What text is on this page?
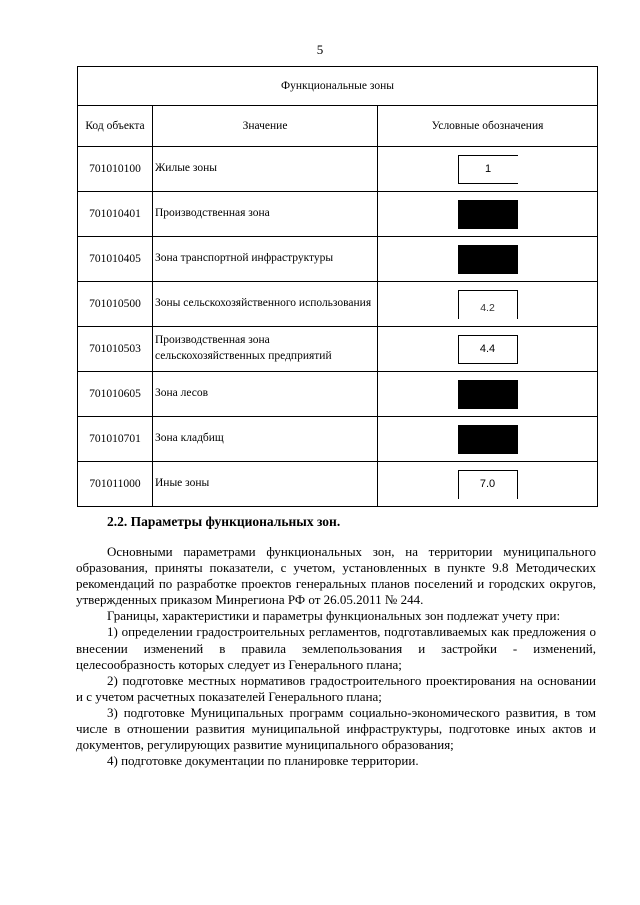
5
Функциональные зоны		
Код объекта	Значение	Условные обозначения
701010100	Жилые зоны	1
701010401	Производственная зона	
701010405	Зона транспортной инфраструктуры	
701010500	Зоны сельскохозяйственного использования	4.2
701010503	Производственная зона сельскохозяйственных предприятий	4.4
701010605	Зона лесов	
701010701	Зона кладбищ	
701011000	Иные зоны	7.0
2.2. Параметры функциональных зон.

Основными параметрами функциональных зон, на территории муниципального образования, приняты показатели, с учетом, установленных в пункте 9.8 Методических рекомендаций по разработке проектов генеральных планов поселений и городских округов, утвержденных приказом Минрегиона РФ от 26.05.2011 № 244.

Границы, характеристики и параметры функциональных зон подлежат учету при:

1) определении градостроительных регламентов, подготавливаемых как предложения о внесении изменений в правила землепользования и застройки - изменений, целесообразность которых следует из Генерального плана;

2) подготовке местных нормативов градостроительного проектирования на основании и с учетом расчетных показателей Генерального плана;

3) подготовке Муниципальных программ социально-экономического развития, в том числе в отношении развития муниципальной инфраструктуры, подготовке иных актов и документов, регулирующих развитие муниципального образования;

4) подготовке документации по планировке территории.
